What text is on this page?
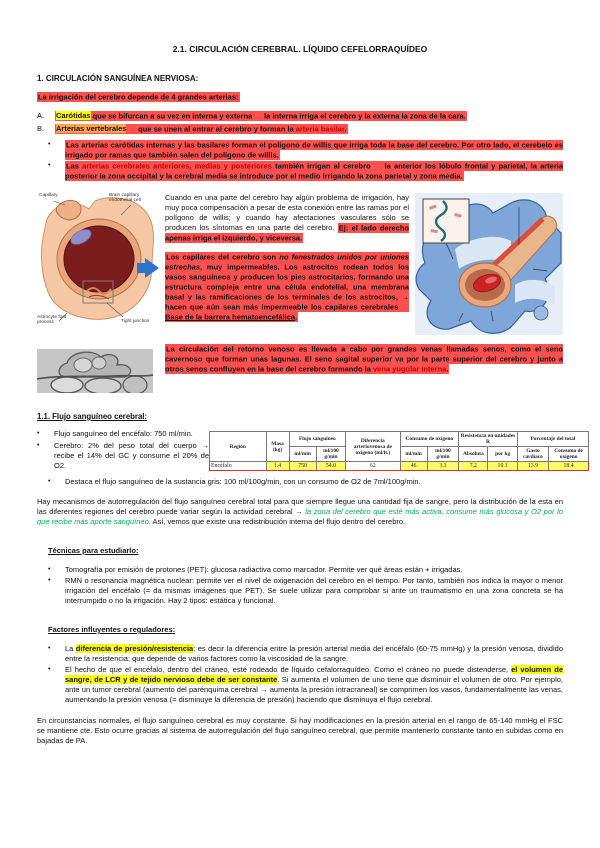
2.1. CIRCULACIÓN CEREBRAL. LÍQUIDO CEFELORRAQUÍDEO
1. CIRCULACIÓN SANGUÍNEA NERVIOSA:
La irrigación del cerebro depende de 4 grandes arterias:
A.	Carótidas que se bifurcan a su vez en interna y externa → la interna irriga el cerebro y la externa la zona de la cara.
B.	Arterias vertebrales → que se unen al entrar al cerebro y forman la arteria basilar.
•	Las arterias carótidas internas y las basilares forman el polígono de willis que irriga toda la base del cerebro. Por otro lado, el cerebelo es irrigado por ramas que también salen del polígono de willis.
•	Las arterias cerebrales anteriores, medias y posteriores también irrigan al cerebro → la anterior los lóbulo frontal y parietal, la arteria posterior la zona occipital y la cerebral media se introduce por el medio irrigando la zona parietal y zona media.
Capillary	Brain capillary endothelial cell
Astrocyte foot process	Tight junction
Cuando en una parte del cerebro hay algún problema de irrigación, hay muy poca compensación a pesar de esta conexión entre las ramas por el polígono de willis; y cuando hay afectaciones vasculares sólo se producen los síntomas en una parte del cerebro. Ej: el lado derecho apenas irriga el izquierdo, y viceversa.
Los capilares del cerebro son no fenestrados unidos por uniones estrechas, muy impermeables. Los astrocitos rodean todos los vasos sanguíneos y producen los pies astrocitarios, formando una estructura compleja entre una célula endotelial, una membrana basal y las ramificaciones de los terminales de los astrocitos, → hacen que aún sean más impermeable los capilares cerebrales → Base de la barrera hematoencefálica.
La circulación del retorno venoso es llevada a cabo por grandes venas llamadas senos, como el seno cavernoso que forman unas lagunas. El seno sagital superior va por la parte superior del cerebro y junto a otros senos confluyen en la base del cerebro formando la vena yugular interna.
1.1. Flujo sanguíneo cerebral:
•	Flujo sanguíneo del encéfalo: 750 ml/min.
•	Cerebro: 2% del peso total del cuerpo → recibe el 14% del GC y consume el 20% de O2.
Región	Masa (kg)	Flujo sanguíneo		Diferencia arteriovenosa de oxígeno (ml/lt.)	Consumo de oxígeno		Resistencia en unidades R		Porcentaje del total	
		ml/min	ml/100 g/min		ml/min	ml/100 g/min	Absoluta	por kg	Gasto cardíaco	Consumo de oxígeno
Encéfalo	1.4	750	54.0	62	46	3.3	7.2	10.1	13.9	18.4
•	Destaca el flujo sanguíneo de la sustancia gris: 100 ml/100g/min, con un consumo de O2 de 7ml/100g/min.
Hay mecanismos de autorregulación del flujo sanguíneo cerebral total para que siempre llegue una cantidad fija de sangre, pero la distribución de la esta en las diferentes regiones del cerebro puede variar según la actividad cerebral → la zona del cerebro que esté más activa, consume más glucosa y O2 por lo que recibe más aporte sanguíneo. Así, vemos que existe una redistribución interna del flujo dentro del cerebro.
Técnicas para estudiarlo:
•	Tomografía por emisión de protones (PET): glucosa radiactiva como marcador. Permite ver qué áreas están + irrigadas.
•	RMN o resonancia magnética nuclear: permite ver el nivel de oxigenación del cerebro en el tiempo. Por tanto, también nos indica la mayor o menor irrigación del encéfalo (= da mismas imágenes que PET). Se suele utilizar para comprobar si ante un traumatismo en una zona concreta se ha interrumpido o no la irrigación. Hay 2 tipos: estática y funcional.
Factores influyentes o reguladores:
•	La diferencia de presión/resistencia: es decir la diferencia entre la presión arterial media del encéfalo (60-75 mmHg) y la presión venosa, dividido entre la resistencia; que depende de varios factores como la viscosidad de la sangre.
•	El hecho de que el encéfalo, dentro del cráneo, esté rodeado de líquido cefalorraquídeo. Como el cráneo no puede distenderse, el volumen de sangre, de LCR y de tejido nervioso debe de ser constante. Si aumenta el volumen de uno tiene que disminuir el volumen de otro. Por ejemplo, ante un tumor cerebral (aumento del parénquima cerebral → aumenta la presión intracraneal) se comprimen los vasos, fundamentalmente las venas, aumentando la presión venosa (= disminuye la diferencia de presión) haciendo que disminuya el flujo cerebral.
En circunstancias normales, el flujo sanguíneo cerebral es muy constante. Si hay modificaciones en la presión arterial en el rango de 65-140 mmHg el FSC se mantiene cte. Esto ocurre gracias al sistema de autorregulación del flujo sanguíneo cerebral, que permite mantenerlo constante tanto en subidas como en bajadas de PA.
